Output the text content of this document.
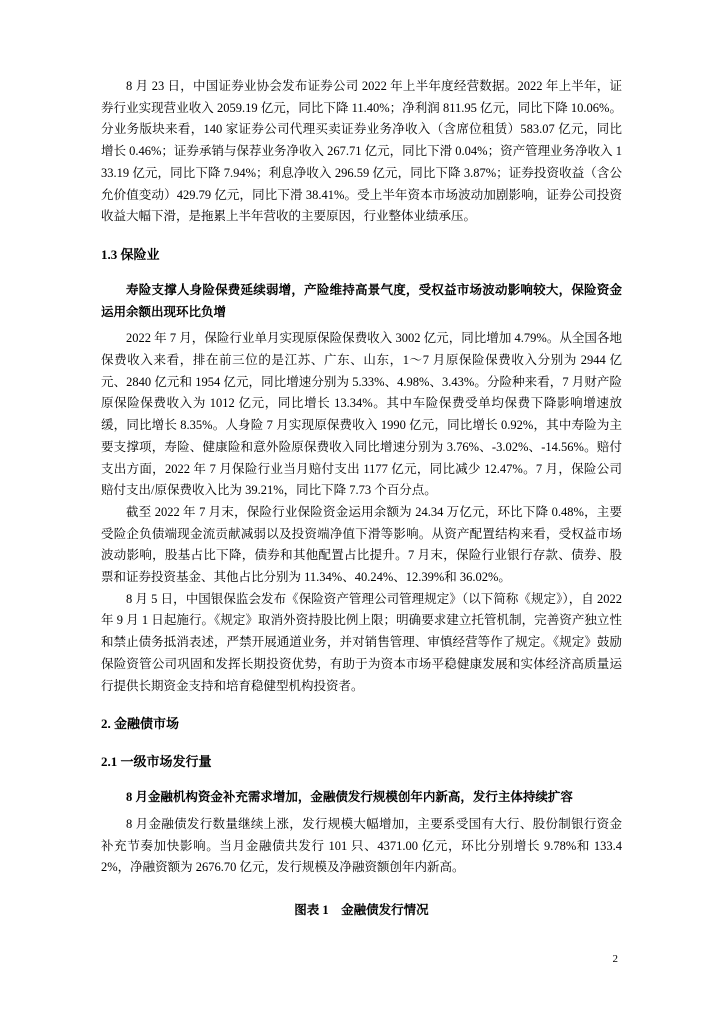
8 月 23 日，中国证券业协会发布证券公司 2022 年上半年度经营数据。2022 年上半年，证券行业实现营业收入 2059.19 亿元，同比下降 11.40%；净利润 811.95 亿元，同比下降 10.06%。分业务版块来看，140 家证券公司代理买卖证券业务净收入（含席位租赁）583.07 亿元，同比增长 0.46%；证券承销与保荐业务净收入 267.71 亿元，同比下滑 0.04%；资产管理业务净收入 133.19 亿元，同比下降 7.94%；利息净收入 296.59 亿元，同比下降 3.87%；证券投资收益（含公允价值变动）429.79 亿元，同比下滑 38.41%。受上半年资本市场波动加剧影响，证券公司投资收益大幅下滑，是拖累上半年营收的主要原因，行业整体业绩承压。

1.3 保险业

寿险支撑人身险保费延续弱增，产险维持高景气度，受权益市场波动影响较大，保险资金运用余额出现环比负增

2022 年 7 月，保险行业单月实现原保险保费收入 3002 亿元，同比增加 4.79%。从全国各地保费收入来看，排在前三位的是江苏、广东、山东，1～7 月原保险保费收入分别为 2944 亿元、2840 亿元和 1954 亿元，同比增速分别为 5.33%、4.98%、3.43%。分险种来看，7 月财产险原保险保费收入为 1012 亿元，同比增长 13.34%。其中车险保费受单均保费下降影响增速放缓，同比增长 8.35%。人身险 7 月实现原保费收入 1990 亿元，同比增长 0.92%，其中寿险为主要支撑项，寿险、健康险和意外险原保费收入同比增速分别为 3.76%、-3.02%、-14.56%。赔付支出方面，2022 年 7 月保险行业当月赔付支出 1177 亿元，同比减少 12.47%。7 月，保险公司赔付支出/原保费收入比为 39.21%，同比下降 7.73 个百分点。

截至 2022 年 7 月末，保险行业保险资金运用余额为 24.34 万亿元，环比下降 0.48%，主要受险企负债端现金流贡献减弱以及投资端净值下滑等影响。从资产配置结构来看，受权益市场波动影响，股基占比下降，债券和其他配置占比提升。7 月末，保险行业银行存款、债券、股票和证券投资基金、其他占比分别为 11.34%、40.24%、12.39%和 36.02%。

8 月 5 日，中国银保监会发布《保险资产管理公司管理规定》（以下简称《规定》），自 2022 年 9 月 1 日起施行。《规定》取消外资持股比例上限；明确要求建立托管机制，完善资产独立性和禁止债务抵消表述，严禁开展通道业务，并对销售管理、审慎经营等作了规定。《规定》鼓励保险资管公司巩固和发挥长期投资优势，有助于为资本市场平稳健康发展和实体经济高质量运行提供长期资金支持和培育稳健型机构投资者。

2. 金融债市场
2.1 一级市场发行量

8 月金融机构资金补充需求增加，金融债发行规模创年内新高，发行主体持续扩容

8 月金融债发行数量继续上涨，发行规模大幅增加，主要系受国有大行、股份制银行资金补充节奏加快影响。当月金融债共发行 101 只、4371.00 亿元，环比分别增长 9.78%和 133.42%，净融资额为 2676.70 亿元，发行规模及净融资额创年内新高。

图表 1　金融债发行情况
2
